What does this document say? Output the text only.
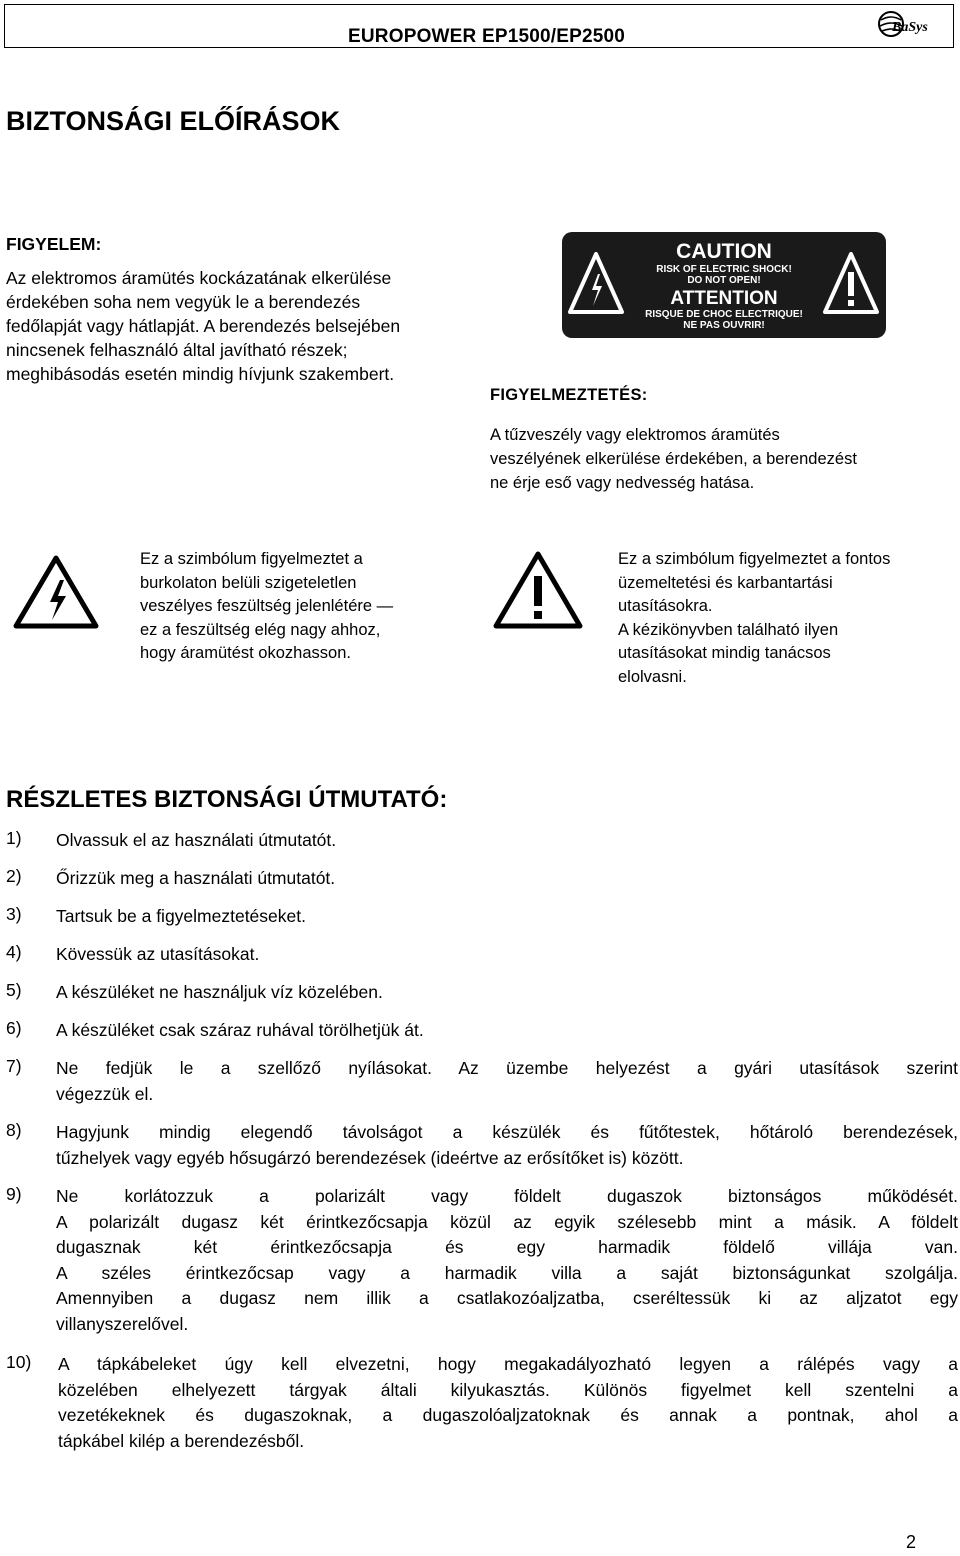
EUROPOWER EP1500/EP2500	BaSys
BIZTONSÁGI ELŐÍRÁSOK
FIGYELEM:
Az elektromos áramütés kockázatának elkerülése
érdekében soha nem vegyük le a berendezés
fedőlapját vagy hátlapját. A berendezés belsejében
nincsenek felhasználó által javítható részek;
meghibásodás esetén mindig hívjunk szakembert.
CAUTION
RISK OF ELECTRIC SHOCK!
DO NOT OPEN!
ATTENTION
RISQUE DE CHOC ELECTRIQUE!
NE PAS OUVRIR!
FIGYELMEZTETÉS:
A tűzveszély vagy elektromos áramütés
veszélyének elkerülése érdekében, a berendezést
ne érje eső vagy nedvesség hatása.
Ez a szimbólum figyelmeztet a
burkolaton belüli szigeteletlen
veszélyes feszültség jelenlétére —
ez a feszültség elég nagy ahhoz,
hogy áramütést okozhasson.
Ez a szimbólum figyelmeztet a fontos
üzemeltetési és karbantartási
utasításokra.
A kézikönyvben található ilyen
utasításokat mindig tanácsos
elolvasni.
RÉSZLETES BIZTONSÁGI ÚTMUTATÓ:
1) Olvassuk el az használati útmutatót.
2) Őrizzük meg a használati útmutatót.
3) Tartsuk be a figyelmeztetéseket.
4) Kövessük az utasításokat.
5) A készüléket ne használjuk víz közelében.
6) A készüléket csak száraz ruhával törölhetjük át.
7) Ne fedjük le a szellőző nyílásokat. Az üzembe helyezést a gyári utasítások szerint
végezzük el.
8) Hagyjunk mindig elegendő távolságot a készülék és fűtőtestek, hőtároló berendezések,
tűzhelyek vagy egyéb hősugárzó berendezések (ideértve az erősítőket is) között.
9) Ne korlátozzuk a polarizált vagy földelt dugaszok biztonságos működését.
A polarizált dugasz két érintkezőcsapja közül az egyik szélesebb mint a másik. A földelt
dugasznak két érintkezőcsapja és egy harmadik földelő villája van.
A széles érintkezőcsap vagy a harmadik villa a saját biztonságunkat szolgálja.
Amennyiben a dugasz nem illik a csatlakozóaljzatba, cseréltessük ki az aljzatot egy
villanyszerelővel.
10) A tápkábeleket úgy kell elvezetni, hogy megakadályozható legyen a rálépés vagy a
közelében elhelyezett tárgyak általi kilyukasztás. Különös figyelmet kell szentelni a
vezetékeknek és dugaszoknak, a dugaszolóaljzatoknak és annak a pontnak, ahol a
tápkábel kilép a berendezésből.
2
